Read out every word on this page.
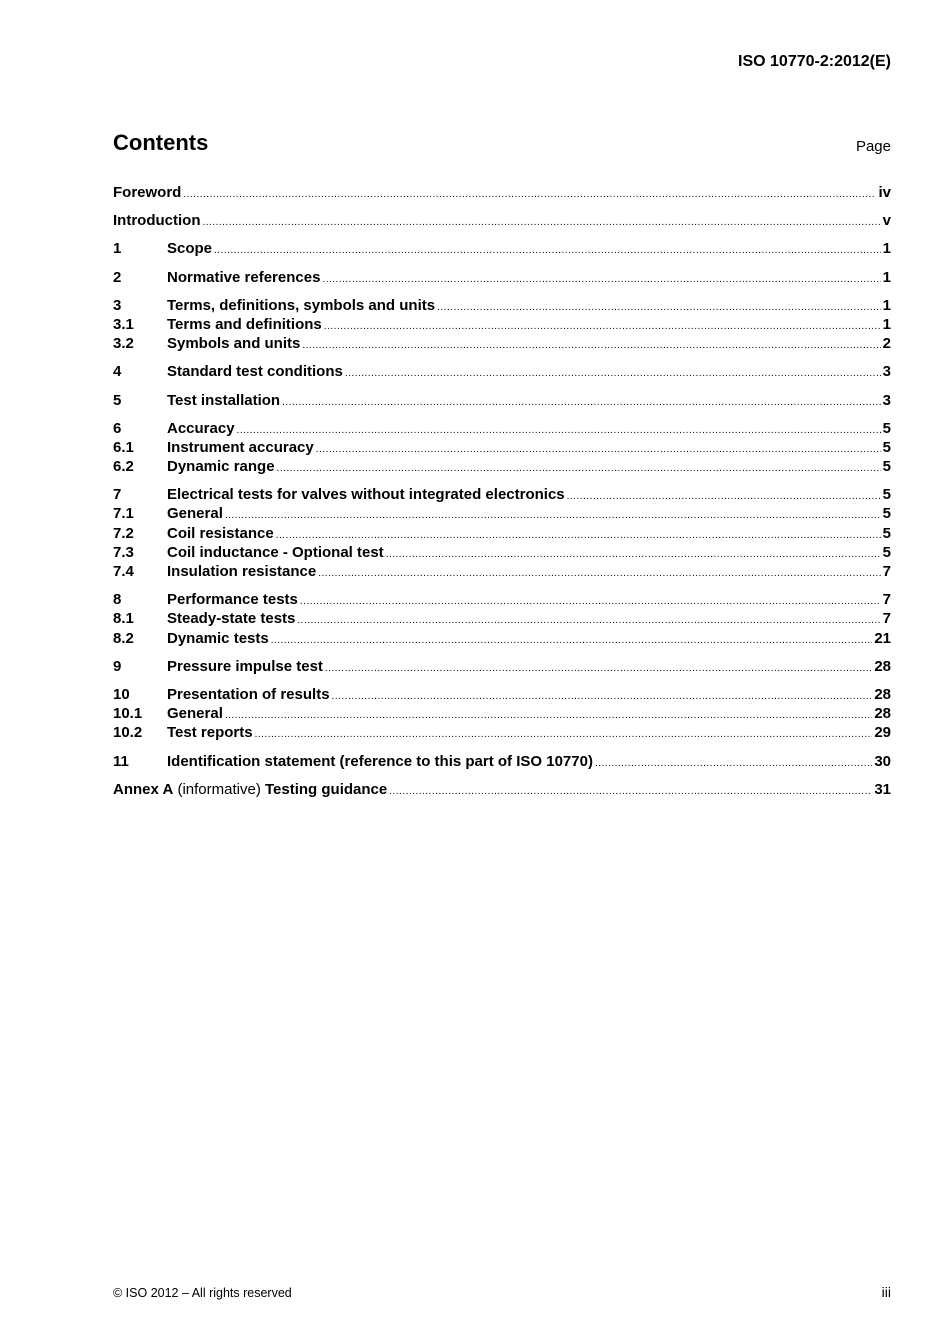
ISO 10770-2:2012(E)
Contents	Page
Foreword .....	iv
Introduction .....	v
1	Scope .....	1
2	Normative references .....	1
3	Terms, definitions, symbols and units .....	1
3.1	Terms and definitions .....	1
3.2	Symbols and units .....	2
4	Standard test conditions .....	3
5	Test installation .....	3
6	Accuracy .....	5
6.1	Instrument accuracy .....	5
6.2	Dynamic range .....	5
7	Electrical tests for valves without integrated electronics .....	5
7.1	General .....	5
7.2	Coil resistance .....	5
7.3	Coil inductance - Optional test .....	5
7.4	Insulation resistance .....	7
8	Performance tests .....	7
8.1	Steady-state tests .....	7
8.2	Dynamic tests .....	21
9	Pressure impulse test .....	28
10	Presentation of results .....	28
10.1	General .....	28
10.2	Test reports .....	29
11	Identification statement (reference to this part of ISO 10770) .....	30
Annex A (informative) Testing guidance .....	31
© ISO 2012 – All rights reserved	iii
